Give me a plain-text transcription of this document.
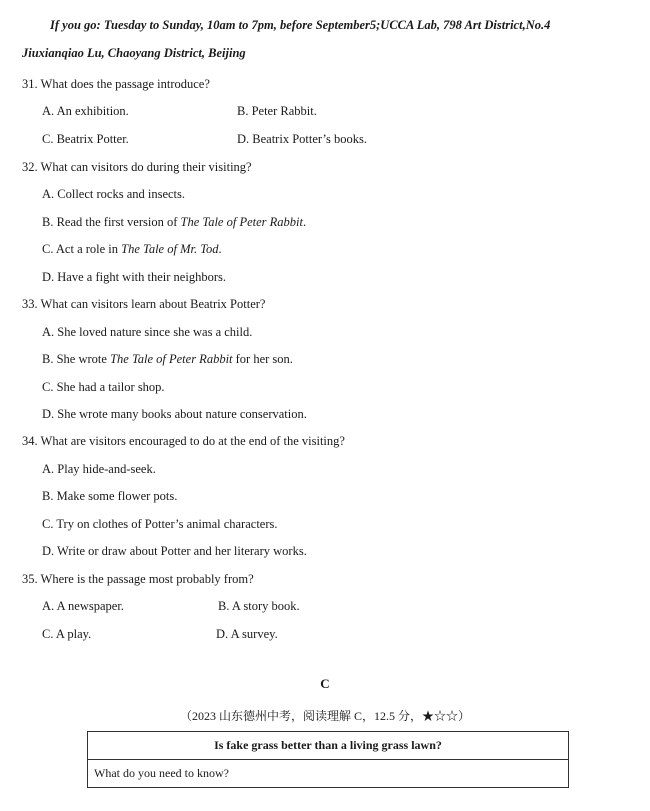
If you go: Tuesday to Sunday, 10am to 7pm, before September5;UCCA Lab, 798 Art District,No.4
Jiuxianqiao Lu, Chaoyang District, Beijing
31. What does the passage introduce?
A. An exhibition.	B. Peter Rabbit.
C. Beatrix Potter.	D. Beatrix Potter’s books.
32. What can visitors do during their visiting?
A. Collect rocks and insects.
B. Read the first version of The Tale of Peter Rabbit.
C. Act a role in The Tale of Mr. Tod.
D. Have a fight with their neighbors.
33. What can visitors learn about Beatrix Potter?
A. She loved nature since she was a child.
B. She wrote The Tale of Peter Rabbit for her son.
C. She had a tailor shop.
D. She wrote many books about nature conservation.
34. What are visitors encouraged to do at the end of the visiting?
A. Play hide-and-seek.
B. Make some flower pots.
C. Try on clothes of Potter’s animal characters.
D. Write or draw about Potter and her literary works.
35. Where is the passage most probably from?
A. A newspaper.	B. A story book.
C. A play.	D. A survey.
C
（2023 山东德州中考，阅读理解 C，12.5 分，★☆☆）
Is fake grass better than a living grass lawn?
What do you need to know?
